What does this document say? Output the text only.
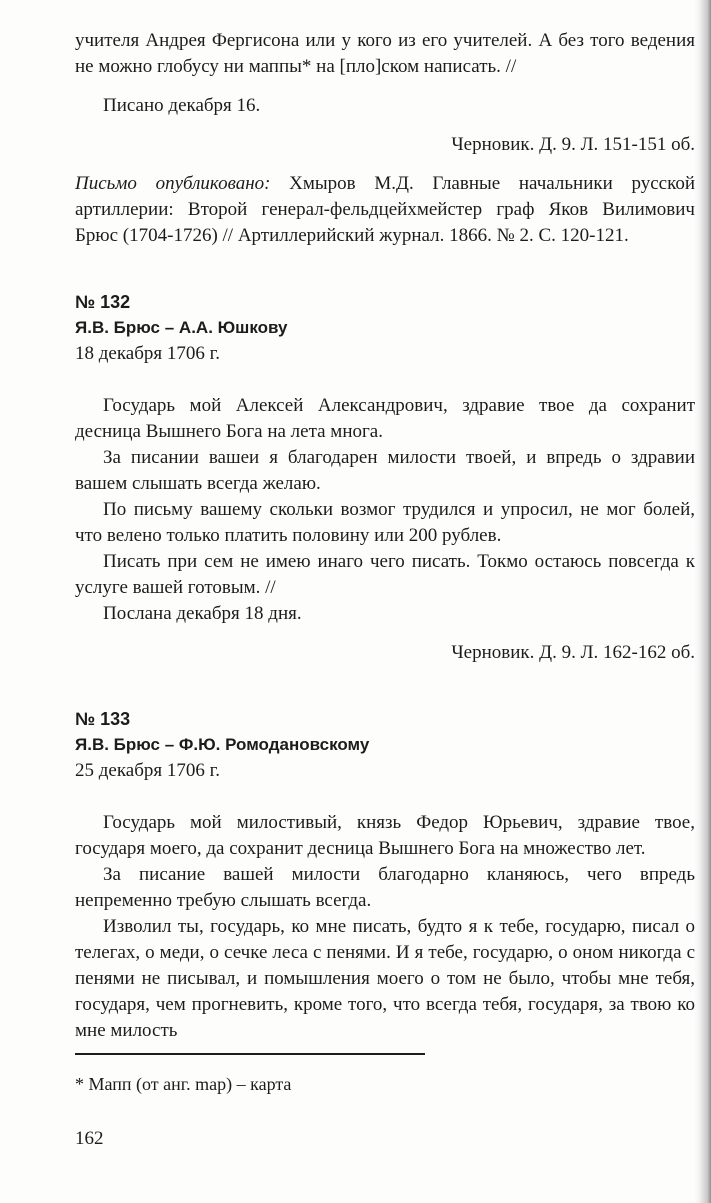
учителя Андрея Фергисона или у кого из его учителей. А без того ведения не можно глобусу ни маппы* на [пло]ском написать. //

Писано декабря 16.

Черновик. Д. 9. Л. 151-151 об.

Письмо опубликовано: Хмыров М.Д. Главные начальники русской артиллерии: Второй генерал-фельдцейхмейстер граф Яков Вилимович Брюс (1704-1726) // Артиллерийский журнал. 1866. № 2. С. 120-121.

№ 132

Я.В. Брюс – А.А. Юшкову

18 декабря 1706 г.

Государь мой Алексей Александрович, здравие твое да сохранит десница Вышнего Бога на лета многа.

За писании вашеи я благодарен милости твоей, и впредь о здравии вашем слышать всегда желаю.

По письму вашему скольки возмог трудился и упросил, не мог болей, что велено только платить половину или 200 рублев.

Писать при сем не имею инаго чего писать. Токмо остаюсь повсегда к услуге вашей готовым. //

Послана декабря 18 дня.

Черновик. Д. 9. Л. 162-162 об.

№ 133

Я.В. Брюс – Ф.Ю. Ромодановскому

25 декабря 1706 г.

Государь мой милостивый, князь Федор Юрьевич, здравие твое, государя моего, да сохранит десница Вышнего Бога на множество лет.

За писание вашей милости благодарно кланяюсь, чего впредь непременно требую слышать всегда.

Изволил ты, государь, ко мне писать, будто я к тебе, государю, писал о телегах, о меди, о сечке леса с пенями. И я тебе, государю, о оном никогда с пенями не писывал, и помышления моего о том не было, чтобы мне тебя, государя, чем прогневить, кроме того, что всегда тебя, государя, за твою ко мне милость

* Мапп (от анг. map) – карта

162
